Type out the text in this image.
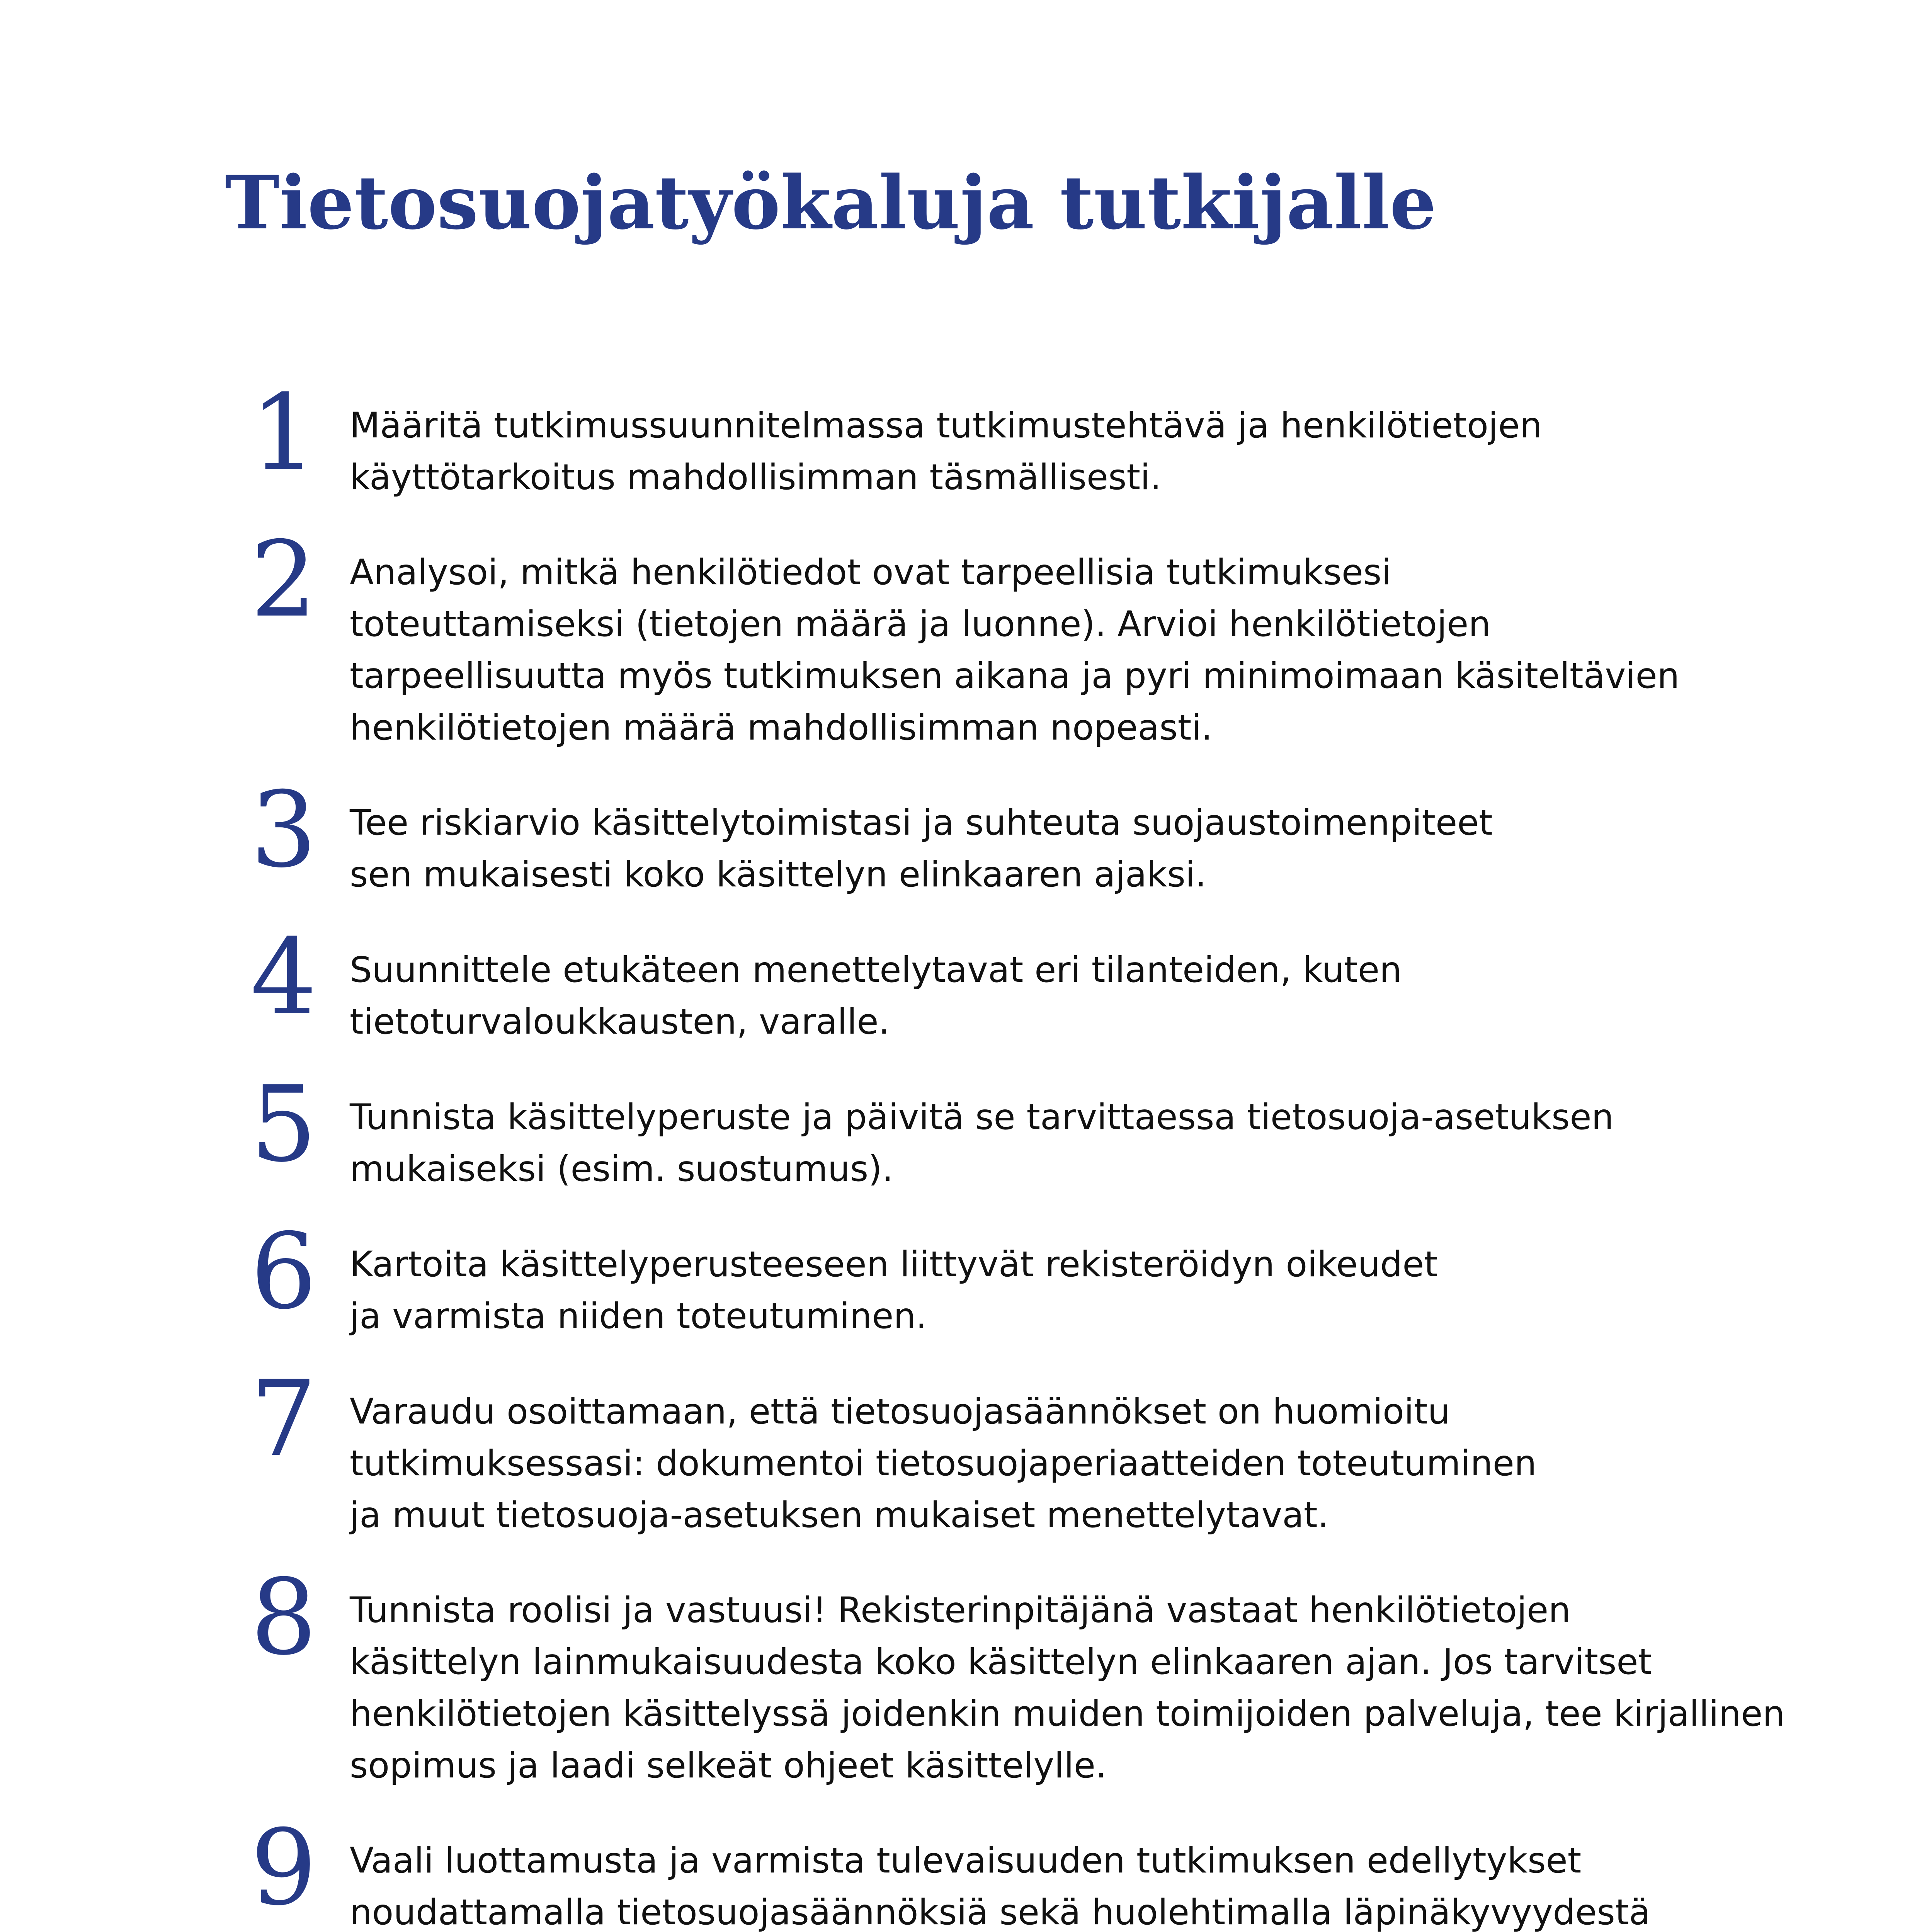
Tietosuojatyökaluja tutkijalle
1 Määritä tutkimussuunnitelmassa tutkimustehtävä ja henkilötietojen
käyttötarkoitus mahdollisimman täsmällisesti.

2 Analysoi, mitkä henkilötiedot ovat tarpeellisia tutkimuksesi
toteuttamiseksi (tietojen määrä ja luonne). Arvioi henkilötietojen
tarpeellisuutta myös tutkimuksen aikana ja pyri minimoimaan käsiteltävien
henkilötietojen määrä mahdollisimman nopeasti.

3 Tee riskiarvio käsittelytoimistasi ja suhteuta suojaustoimenpiteet
sen mukaisesti koko käsittelyn elinkaaren ajaksi.

4 Suunnittele etukäteen menettelytavat eri tilanteiden, kuten
tietoturvaloukkausten, varalle.

5 Tunnista käsittelyperuste ja päivitä se tarvittaessa tietosuoja-asetuksen
mukaiseksi (esim. suostumus).

6 Kartoita käsittelyperusteeseen liittyvät rekisteröidyn oikeudet
ja varmista niiden toteutuminen.

7 Varaudu osoittamaan, että tietosuojasäännökset on huomioitu
tutkimuksessasi: dokumentoi tietosuojaperiaatteiden toteutuminen
ja muut tietosuoja-asetuksen mukaiset menettelytavat.

8 Tunnista roolisi ja vastuusi! Rekisterinpitäjänä vastaat henkilötietojen
käsittelyn lainmukaisuudesta koko käsittelyn elinkaaren ajan. Jos tarvitset
henkilötietojen käsittelyssä joidenkin muiden toimijoiden palveluja, tee kirjallinen
sopimus ja laadi selkeät ohjeet käsittelylle.

9 Vaali luottamusta ja varmista tulevaisuuden tutkimuksen edellytykset
noudattamalla tietosuojasäännöksiä sekä huolehtimalla läpinäkyvyydestä
